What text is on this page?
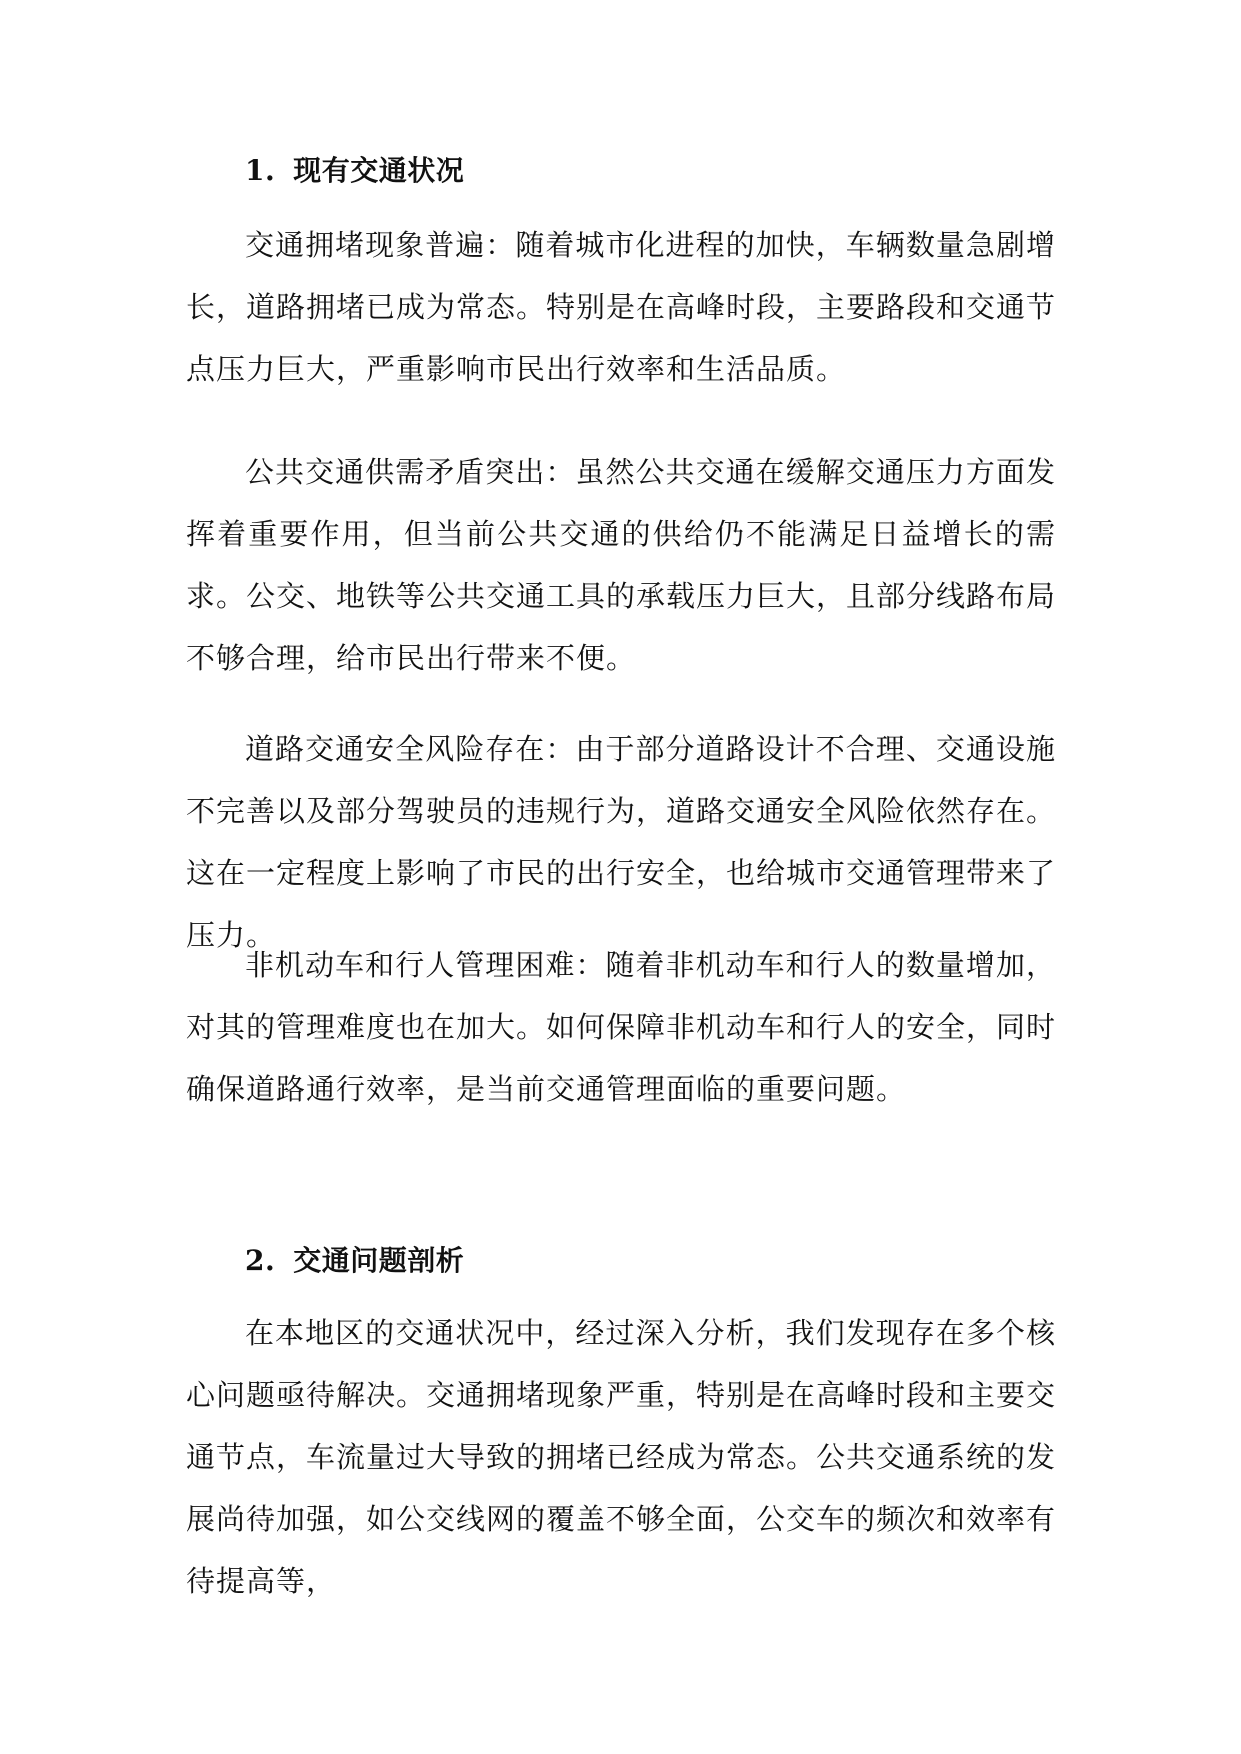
1. 现有交通状况

交通拥堵现象普遍：随着城市化进程的加快，车辆数量急剧增长，道路拥堵已成为常态。特别是在高峰时段，主要路段和交通节点压力巨大，严重影响市民出行效率和生活品质。

公共交通供需矛盾突出：虽然公共交通在缓解交通压力方面发挥着重要作用，但当前公共交通的供给仍不能满足日益增长的需求。公交、地铁等公共交通工具的承载压力巨大，且部分线路布局不够合理，给市民出行带来不便。

道路交通安全风险存在：由于部分道路设计不合理、交通设施不完善以及部分驾驶员的违规行为，道路交通安全风险依然存在。这在一定程度上影响了市民的出行安全，也给城市交通管理带来了压力。

非机动车和行人管理困难：随着非机动车和行人的数量增加，对其的管理难度也在加大。如何保障非机动车和行人的安全，同时确保道路通行效率，是当前交通管理面临的重要问题。

2. 交通问题剖析

在本地区的交通状况中，经过深入分析，我们发现存在多个核心问题亟待解决。交通拥堵现象严重，特别是在高峰时段和主要交通节点，车流量过大导致的拥堵已经成为常态。公共交通系统的发展尚待加强，如公交线网的覆盖不够全面，公交车的频次和效率有待提高等，
